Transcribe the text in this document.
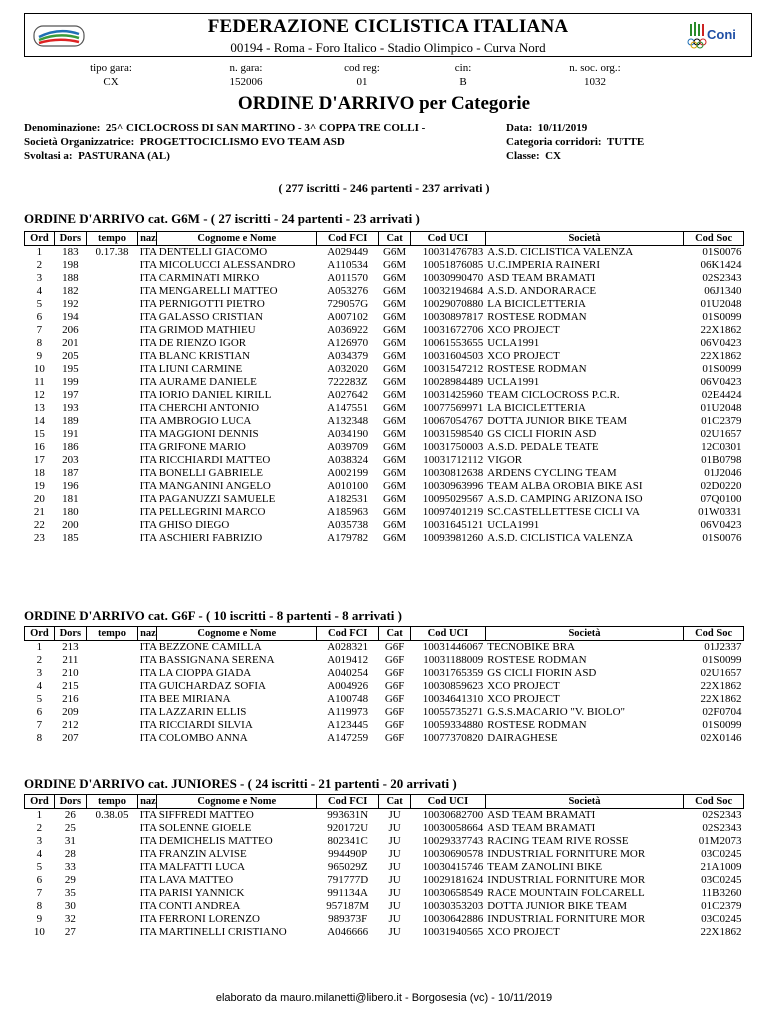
FEDERAZIONE CICLISTICA ITALIANA
00194 - Roma - Foro Italico - Stadio Olimpico - Curva Nord
Coni
tipo gara:
CX
n. gara:
152006
cod reg:
01
cin:
B
n. soc. org.:
1032
ORDINE D'ARRIVO per Categorie
Denominazione: 25^ CICLOCROSS DI SAN MARTINO - 3^ COPPA TRE COLLI -	Data: 10/11/2019
Società Organizzatrice: PROGETTOCICLISMO EVO TEAM ASD	Categoria corridori: TUTTE
Svoltasi a: PASTURANA (AL)	Classe: CX
( 277 iscritti - 246 partenti - 237 arrivati )
ORDINE D'ARRIVO cat. G6M - ( 27 iscritti - 24 partenti - 23 arrivati )
Ord	Dors	tempo	naz	Cognome e Nome	Cod FCI	Cat	Cod UCI	Società	Cod Soc
1	183	0.17.38	ITA	DENTELLI GIACOMO	A029449	G6M	10031476783	A.S.D. CICLISTICA VALENZA	01S0076
2	198		ITA	MICOLUCCI ALESSANDRO	A110534	G6M	10051876085	U.C.IMPERIA RAINERI	06K1424
3	188		ITA	CARMINATI MIRKO	A011570	G6M	10030990470	ASD TEAM BRAMATI	02S2343
4	182		ITA	MENGARELLI MATTEO	A053276	G6M	10032194684	A.S.D. ANDORARACE	06J1340
5	192		ITA	PERNIGOTTI PIETRO	729057G	G6M	10029070880	LA BICICLETTERIA	01U2048
6	194		ITA	GALASSO CRISTIAN	A007102	G6M	10030897817	ROSTESE RODMAN	01S0099
7	206		ITA	GRIMOD MATHIEU	A036922	G6M	10031672706	XCO PROJECT	22X1862
8	201		ITA	DE RIENZO IGOR	A126970	G6M	10061553655	UCLA1991	06V0423
9	205		ITA	BLANC KRISTIAN	A034379	G6M	10031604503	XCO PROJECT	22X1862
10	195		ITA	LIUNI CARMINE	A032020	G6M	10031547212	ROSTESE RODMAN	01S0099
11	199		ITA	AURAME DANIELE	722283Z	G6M	10028984489	UCLA1991	06V0423
12	197		ITA	IORIO DANIEL KIRILL	A027642	G6M	10031425960	TEAM CICLOCROSS P.C.R.	02E4424
13	193		ITA	CHERCHI ANTONIO	A147551	G6M	10077569971	LA BICICLETTERIA	01U2048
14	189		ITA	AMBROGIO LUCA	A132348	G6M	10067054767	DOTTA JUNIOR BIKE TEAM	01C2379
15	191		ITA	MAGGIONI DENNIS	A034190	G6M	10031598540	GS CICLI FIORIN ASD	02U1657
16	186		ITA	GRIFONE MARIO	A039709	G6M	10031750003	A.S.D. PEDALE TEATE	12C0301
17	203		ITA	RICCHIARDI MATTEO	A038324	G6M	10031712112	VIGOR	01B0798
18	187		ITA	BONELLI GABRIELE	A002199	G6M	10030812638	ARDENS CYCLING TEAM	01J2046
19	196		ITA	MANGANINI ANGELO	A010100	G6M	10030963996	TEAM ALBA OROBIA BIKE ASI	02D0220
20	181		ITA	PAGANUZZI SAMUELE	A182531	G6M	10095029567	A.S.D. CAMPING ARIZONA ISO	07Q0100
21	180		ITA	PELLEGRINI MARCO	A185963	G6M	10097401219	SC.CASTELLETTESE CICLI VA	01W0331
22	200		ITA	GHISO DIEGO	A035738	G6M	10031645121	UCLA1991	06V0423
23	185		ITA	ASCHIERI FABRIZIO	A179782	G6M	10093981260	A.S.D. CICLISTICA VALENZA	01S0076
ORDINE D'ARRIVO cat. G6F - ( 10 iscritti - 8 partenti - 8 arrivati )
Ord	Dors	tempo	naz	Cognome e Nome	Cod FCI	Cat	Cod UCI	Società	Cod Soc
1	213		ITA	BEZZONE CAMILLA	A028321	G6F	10031446067	TECNOBIKE BRA	01J2337
2	211		ITA	BASSIGNANA SERENA	A019412	G6F	10031188009	ROSTESE RODMAN	01S0099
3	210		ITA	LA CIOPPA GIADA	A040254	G6F	10031765359	GS CICLI FIORIN ASD	02U1657
4	215		ITA	GUICHARDAZ SOFIA	A004926	G6F	10030859623	XCO PROJECT	22X1862
5	216		ITA	BEE MIRIANA	A100748	G6F	10034641310	XCO PROJECT	22X1862
6	209		ITA	LAZZARIN ELLIS	A119973	G6F	10055735271	G.S.S.MACARIO "V. BIOLO"	02F0704
7	212		ITA	RICCIARDI SILVIA	A123445	G6F	10059334880	ROSTESE RODMAN	01S0099
8	207		ITA	COLOMBO ANNA	A147259	G6F	10077370820	DAIRAGHESE	02X0146
ORDINE D'ARRIVO cat. JUNIORES - ( 24 iscritti - 21 partenti - 20 arrivati )
Ord	Dors	tempo	naz	Cognome e Nome	Cod FCI	Cat	Cod UCI	Società	Cod Soc
1	26	0.38.05	ITA	SIFFREDI MATTEO	993631N	JU	10030682700	ASD TEAM BRAMATI	02S2343
2	25		ITA	SOLENNE GIOELE	920172U	JU	10030058664	ASD TEAM BRAMATI	02S2343
3	31		ITA	DEMICHELIS MATTEO	802341C	JU	10029337743	RACING TEAM RIVE ROSSE	01M2073
4	28		ITA	FRANZIN ALVISE	994490P	JU	10030690578	INDUSTRIAL FORNITURE MOR	03C0245
5	33		ITA	MALFATTI LUCA	965029Z	JU	10030415746	TEAM ZANOLINI BIKE	21A1009
6	29		ITA	LAVA MATTEO	791777D	JU	10029181624	INDUSTRIAL FORNITURE MOR	03C0245
7	35		ITA	PARISI YANNICK	991134A	JU	10030658549	RACE MOUNTAIN FOLCARELL	11B3260
8	30		ITA	CONTI ANDREA	957187M	JU	10030353203	DOTTA JUNIOR BIKE TEAM	01C2379
9	32		ITA	FERRONI LORENZO	989373F	JU	10030642886	INDUSTRIAL FORNITURE MOR	03C0245
10	27		ITA	MARTINELLI CRISTIANO	A046666	JU	10031940565	XCO PROJECT	22X1862
elaborato da mauro.milanetti@libero.it - Borgosesia (vc) - 10/11/2019
